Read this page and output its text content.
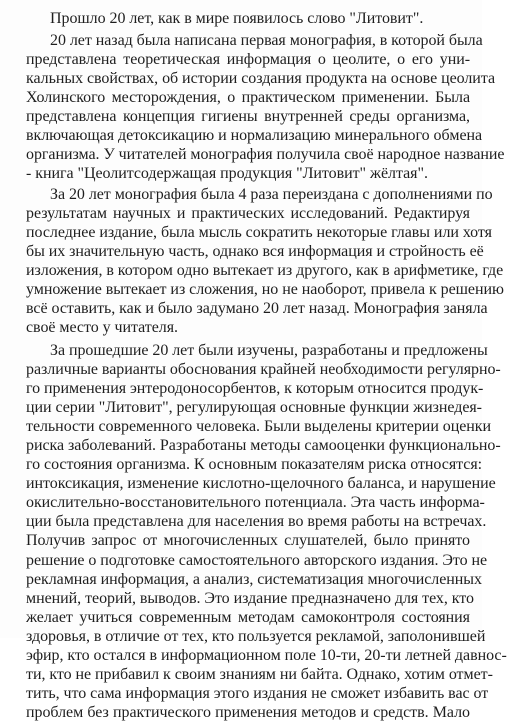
Прошло 20 лет, как в мире появилось слово "Литовит".
20 лет назад была написана первая монография, в которой была
представлена теоретическая информация о цеолите, о его уни-
кальных свойствах, об истории создания продукта на основе цеолита
Холинского месторождения, о практическом применении. Была
представлена концепция гигиены внутренней среды организма,
включающая детоксикацию и нормализацию минерального обмена
организма. У читателей монография получила своё народное название
- книга "Цеолитсодержащая продукция "Литовит" жёлтая".
За 20 лет монография была 4 раза переиздана с дополнениями по
результатам научных и практических исследований. Редактируя
последнее издание, была мысль сократить некоторые главы или хотя
бы их значительную часть, однако вся информация и стройность её
изложения, в котором одно вытекает из другого, как в арифметике, где
умножение вытекает из сложения, но не наоборот, привела к решению
всё оставить, как и было задумано 20 лет назад. Монография заняла
своё место у читателя.
За прошедшие 20 лет были изучены, разработаны и предложены
различные варианты обоснования крайней необходимости регулярно-
го применения энтеродоносорбентов, к которым относится продук-
ции серии "Литовит", регулирующая основные функции жизнедея-
тельности современного человека. Были выделены критерии оценки
риска заболеваний. Разработаны методы самооценки функционально-
го состояния организма. К основным показателям риска относятся:
интоксикация, изменение кислотно-щелочного баланса, и нарушение
окислительно-восстановительного потенциала. Эта часть информа-
ции была представлена для населения во время работы на встречах.
Получив запрос от многочисленных слушателей, было принято
решение о подготовке самостоятельного авторского издания. Это не
рекламная информация, а анализ, систематизация многочисленных
мнений, теорий, выводов. Это издание предназначено для тех, кто
желает учиться современным методам самоконтроля состояния
здоровья, в отличие от тех, кто пользуется рекламой, заполонившей
эфир, кто остался в информационном поле 10-ти, 20-ти летней давнос-
ти, кто не прибавил к своим знаниям ни байта. Однако, хотим отмет-
тить, что сама информация этого издания не сможет избавить вас от
проблем без практического применения методов и средств. Мало
